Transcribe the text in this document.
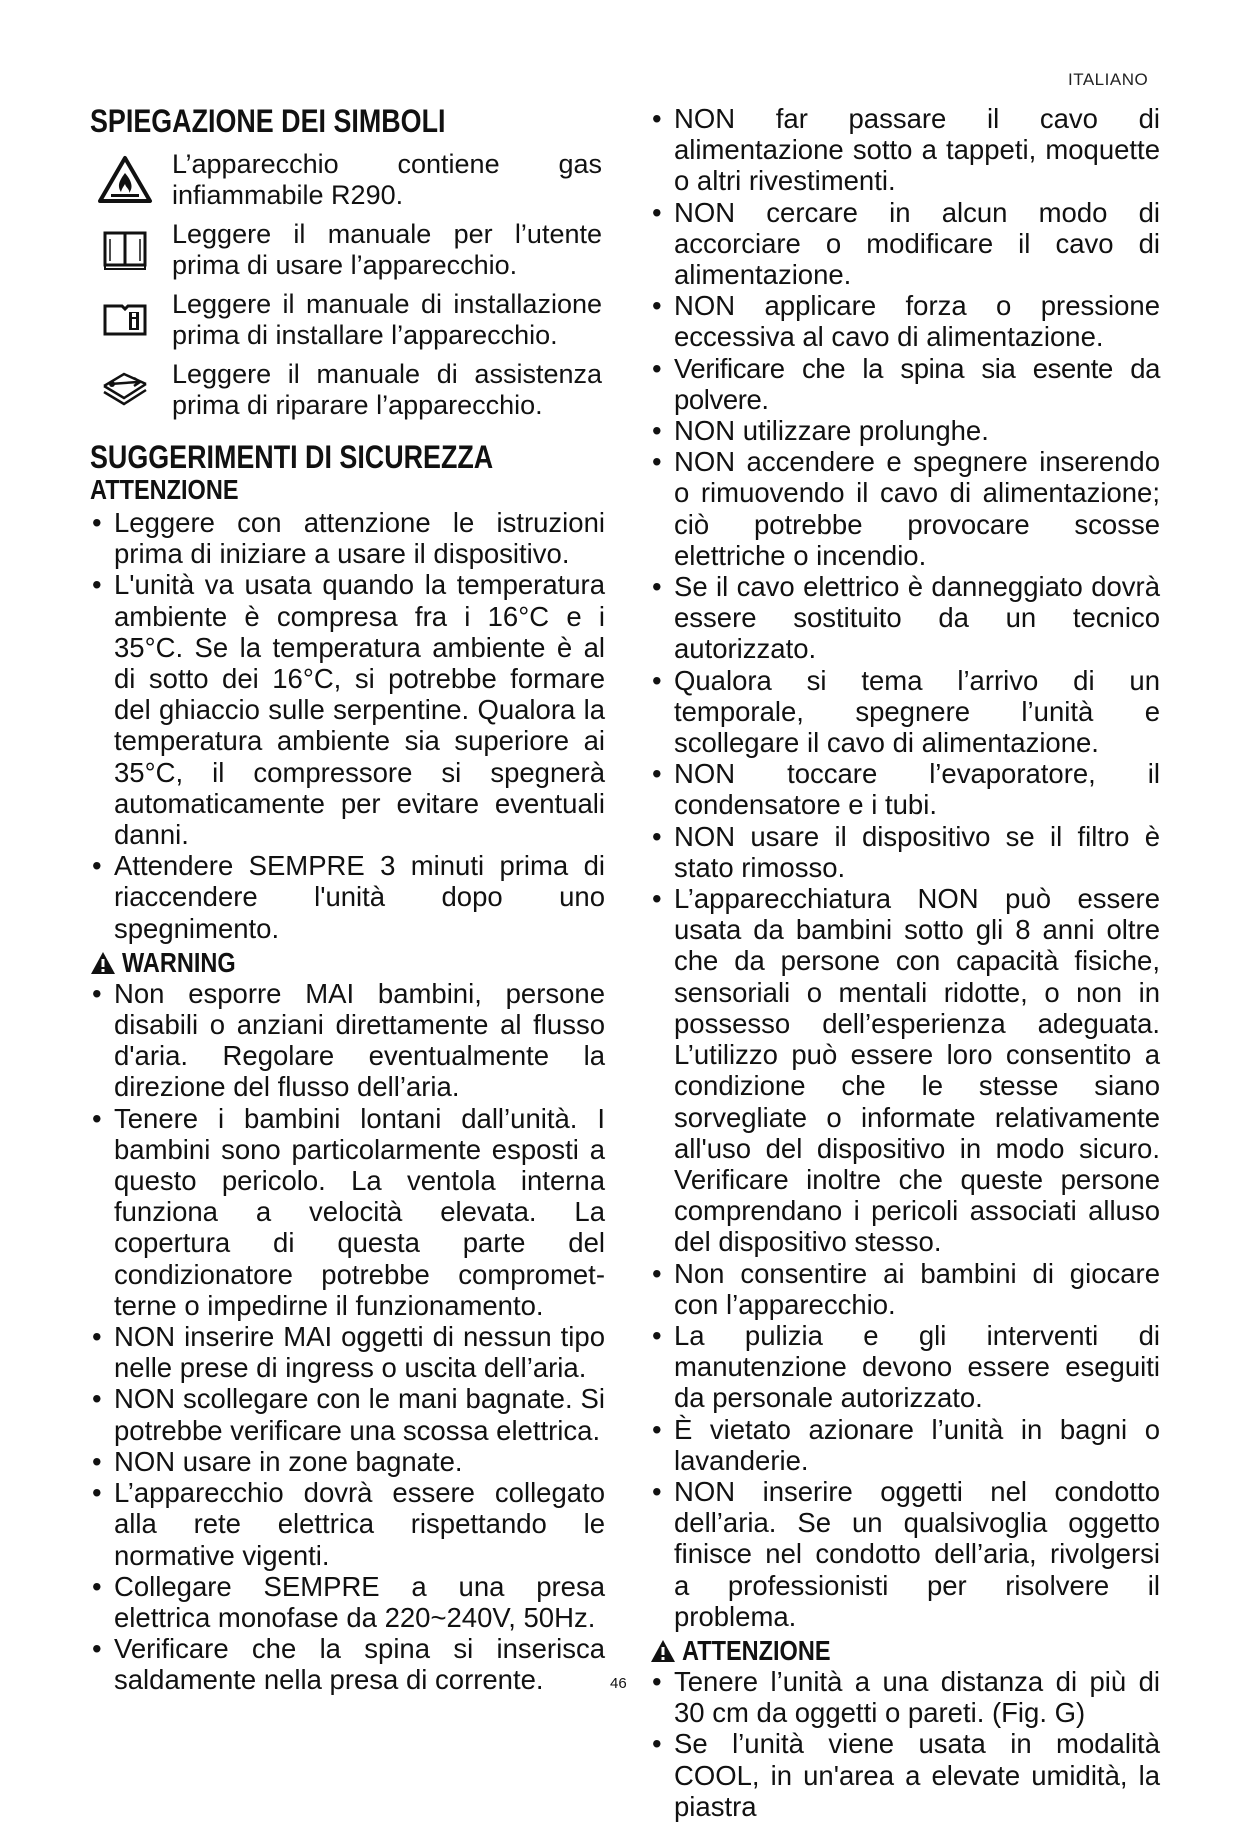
ITALIANO
SPIEGAZIONE DEI SIMBOLI
L’apparecchio contiene gas infiammabile R290.
Leggere il manuale per l’utente prima di usare l’apparecchio.
Leggere il manuale di installazione prima di installare l’apparecchio.
Leggere il manuale di assistenza prima di riparare l’apparecchio.
SUGGERIMENTI DI SICUREZZA
ATTENZIONE
• Leggere con attenzione le istruzioni prima di iniziare a usare il dispositivo.
• L'unità va usata quando la temperatura ambiente è compresa fra i 16°C e i 35°C. Se la temperatura ambiente è al di sotto dei 16°C, si potrebbe formare del ghiaccio sulle serpentine. Qualora la temperatura ambiente sia superiore ai 35°C, il compressore si spegnerà automaticamente per evitare eventuali danni.
• Attendere SEMPRE 3 minuti prima di riaccendere l'unità dopo uno spegnimento.
WARNING
• Non esporre MAI bambini, persone disabili o anziani direttamente al flusso d'aria. Regolare eventualmente la direzione del flusso dell’aria.
• Tenere i bambini lontani dall’unità. I bambini sono particolarmente esposti a questo pericolo. La ventola interna funziona a velocità elevata. La copertura di questa parte del condizionatore potrebbe comprometterne o impedirne il funzionamento.
• NON inserire MAI oggetti di nessun tipo nelle prese di ingress o uscita dell’aria.
• NON scollegare con le mani bagnate. Si potrebbe verificare una scossa elettrica.
• NON usare in zone bagnate.
• L’apparecchio dovrà essere collegato alla rete elettrica rispettando le normative vigenti.
• Collegare SEMPRE a una presa elettrica monofase da 220~240V, 50Hz.
• Verificare che la spina si inserisca saldamente nella presa di corrente.
• NON far passare il cavo di alimentazione sotto a tappeti, moquette o altri rivestimenti.
• NON cercare in alcun modo di accorciare o modificare il cavo di alimentazione.
• NON applicare forza o pressione eccessiva al cavo di alimentazione.
• Verificare che la spina sia esente da polvere.
• NON utilizzare prolunghe.
• NON accendere e spegnere inserendo o rimuovendo il cavo di alimentazione; ciò potrebbe provocare scosse elettriche o incendio.
• Se il cavo elettrico è danneggiato dovrà essere sostituito da un tecnico autorizzato.
• Qualora si tema l’arrivo di un temporale, spegnere l’unità e scollegare il cavo di alimentazione.
• NON toccare l’evaporatore, il condensatore e i tubi.
• NON usare il dispositivo se il filtro è stato rimosso.
• L’apparecchiatura NON può essere usata da bambini sotto gli 8 anni oltre che da persone con capacità fisiche, sensoriali o mentali ridotte, o non in possesso dell’esperienza adeguata. L’utilizzo può essere loro consentito a condizione che le stesse siano sorvegliate o informate relativamente all'uso del dispositivo in modo sicuro. Verificare inoltre che queste persone comprendano i pericoli associati alluso del dispositivo stesso.
• Non consentire ai bambini di giocare con l’apparecchio.
• La pulizia e gli interventi di manutenzione devono essere eseguiti da personale autorizzato.
• È vietato azionare l’unità in bagni o lavanderie.
• NON inserire oggetti nel condotto dell’aria. Se un qualsivoglia oggetto finisce nel condotto dell’aria, rivolgersi a professionisti per risolvere il problema.
ATTENZIONE
• Tenere l’unità a una distanza di più di 30 cm da oggetti o pareti. (Fig. G)
• Se l’unità viene usata in modalità COOL, in un'area a elevate umidità, la piastra
46
